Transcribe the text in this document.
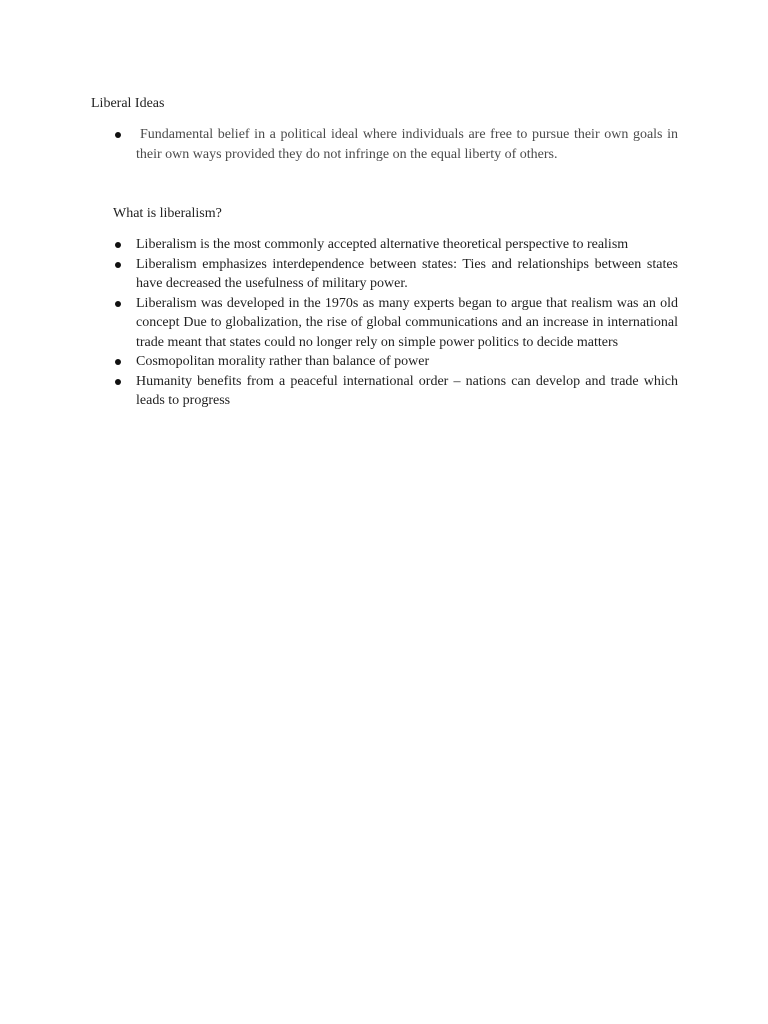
Liberal Ideas
Fundamental belief in a political ideal where individuals are free to pursue their own goals in their own ways provided they do not infringe on the equal liberty of others.
What is liberalism?
Liberalism is the most commonly accepted alternative theoretical perspective to realism
Liberalism emphasizes interdependence between states: Ties and relationships between states have decreased the usefulness of military power.
Liberalism was developed in the 1970s as many experts began to argue that realism was an old concept Due to globalization, the rise of global communications and an increase in international trade meant that states could no longer rely on simple power politics to decide matters
Cosmopolitan morality rather than balance of power
Humanity benefits from a peaceful international order – nations can develop and trade which leads to progress
